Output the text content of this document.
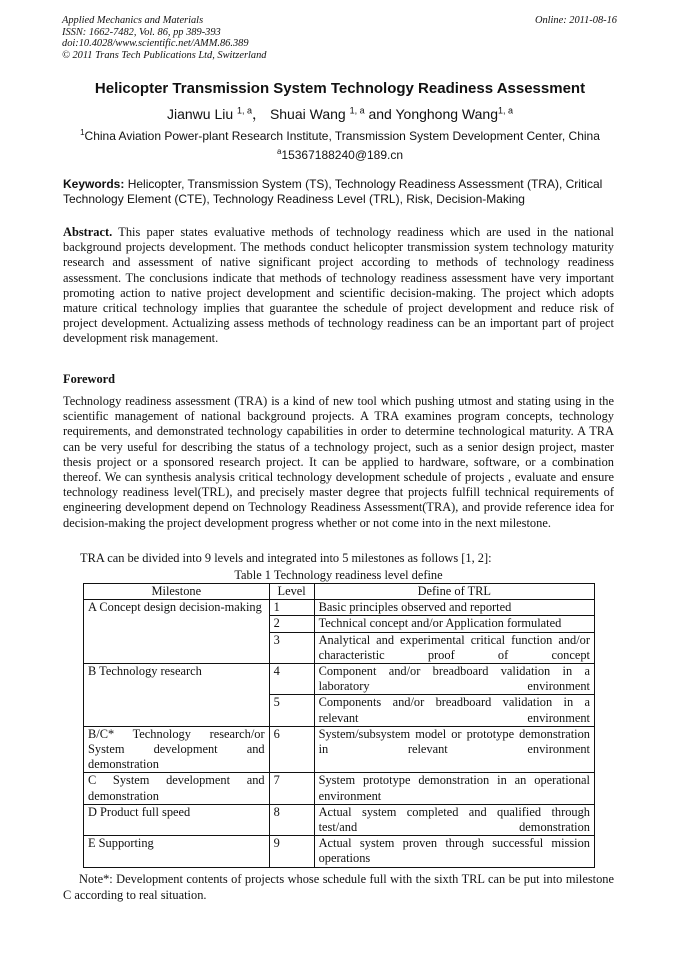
Applied Mechanics and Materials
ISSN: 1662-7482, Vol. 86, pp 389-393
doi:10.4028/www.scientific.net/AMM.86.389
© 2011 Trans Tech Publications Ltd, Switzerland
Online: 2011-08-16
Helicopter Transmission System Technology Readiness Assessment
Jianwu Liu $^{1, a}$， Shuai Wang $^{1, a}$ and Yonghong Wang$^{1, a}$
$^1$China Aviation Power-plant Research Institute, Transmission System Development Center, China
$^a$15367188240@189.cn
Keywords: Helicopter, Transmission System (TS), Technology Readiness Assessment (TRA), Critical Technology Element (CTE), Technology Readiness Level (TRL), Risk, Decision-Making
Abstract. This paper states evaluative methods of technology readiness which are used in the national background projects development. The methods conduct helicopter transmission system technology maturity research and assessment of native significant project according to methods of technology readiness assessment. The conclusions indicate that methods of technology readiness assessment have very important promoting action to native project development and scientific decision-making. The project which adopts mature critical technology implies that guarantee the schedule of project development and reduce risk of project development. Actualizing assess methods of technology readiness can be an important part of project development risk management.
Foreword
Technology readiness assessment (TRA) is a kind of new tool which pushing utmost and stating using in the scientific management of national background projects. A TRA examines program concepts, technology requirements, and demonstrated technology capabilities in order to determine technological maturity. A TRA can be very useful for describing the status of a technology project, such as a senior design project, master thesis project or a sponsored research project. It can be applied to hardware, software, or a combination thereof. We can synthesis analysis critical technology development schedule of projects , evaluate and ensure technology readiness level(TRL), and precisely master degree that projects fulfill technical requirements of engineering development depend on Technology Readiness Assessment(TRA), and provide reference idea for decision-making the project development progress whether or not come into in the next milestone.
TRA can be divided into 9 levels and integrated into 5 milestones as follows [1, 2]:
Table 1 Technology readiness level define
Milestone	Level	Define of TRL
A Concept design decision-making	1	Basic principles observed and reported
	2	Technical concept and/or Application formulated
	3	Analytical and experimental critical function and/or characteristic proof of concept
B Technology research	4	Component and/or breadboard validation in a laboratory environment
	5	Components and/or breadboard validation in a relevant environment
B/C* Technology research/or System development and demonstration	6	System/subsystem model or prototype demonstration in relevant environment
C System development and demonstration	7	System prototype demonstration in an operational environment
D Product full speed	8	Actual system completed and qualified through test/and demonstration
E Supporting	9	Actual system proven through successful mission operations
Note*: Development contents of projects whose schedule full with the sixth TRL can be put into milestone C according to real situation.
